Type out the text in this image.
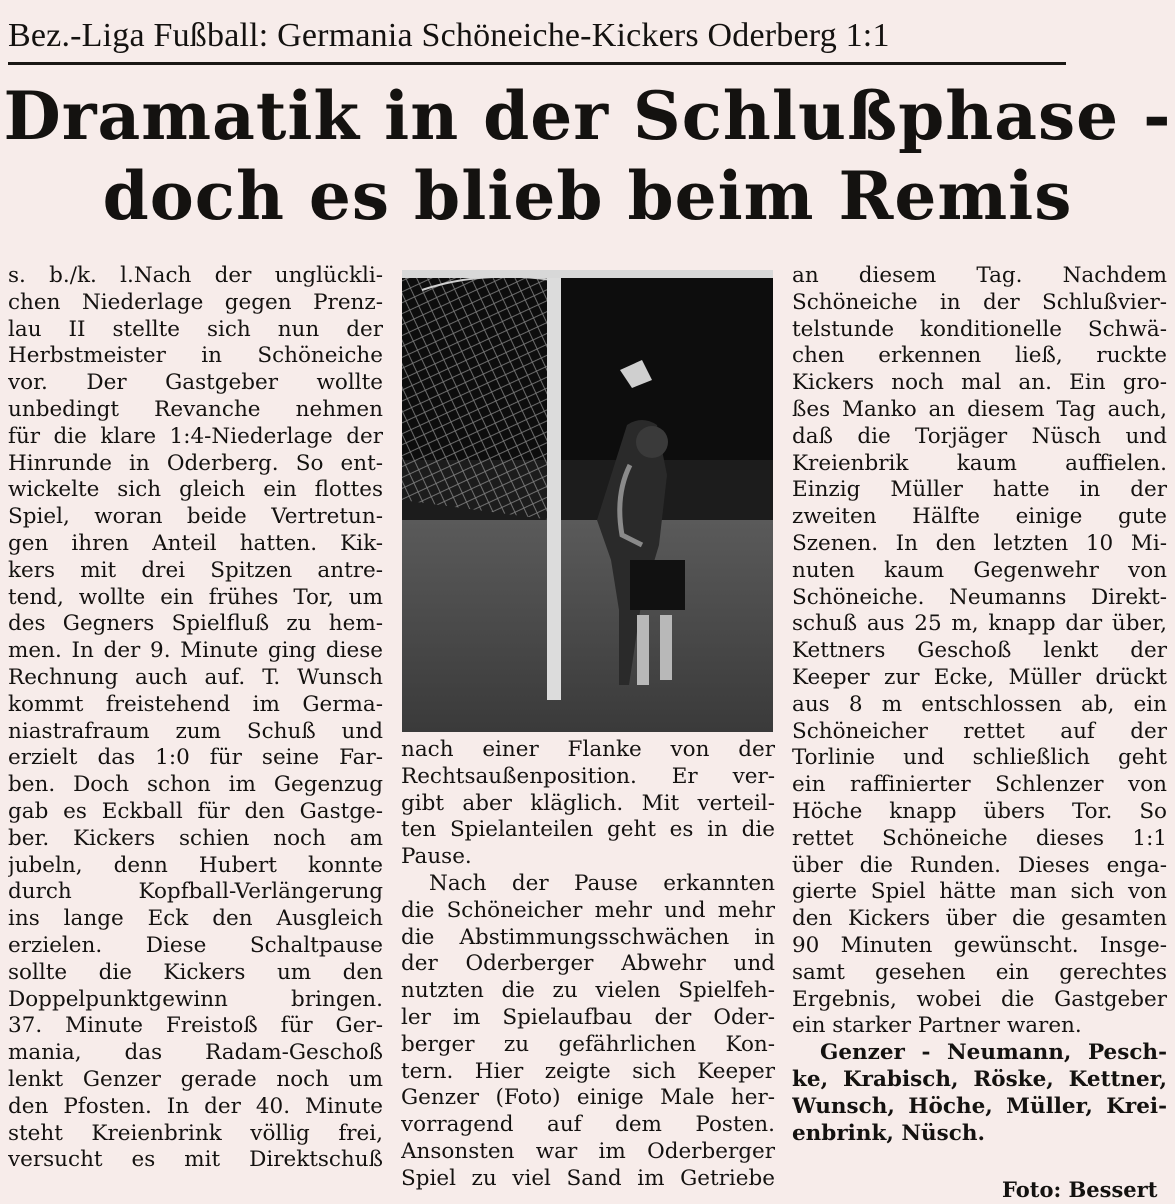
Bez.-Liga Fußball: Germania Schöneiche-Kickers Oderberg 1:1
Dramatik in der Schlußphase -
doch es blieb beim Remis
s. b./k. l.Nach der unglückli-
chen Niederlage gegen Prenz-
lau II stellte sich nun der
Herbstmeister in Schöneiche
vor. Der Gastgeber wollte
unbedingt Revanche nehmen
für die klare 1:4-Niederlage der
Hinrunde in Oderberg. So ent-
wickelte sich gleich ein flottes
Spiel, woran beide Vertretun-
gen ihren Anteil hatten. Kik-
kers mit drei Spitzen antre-
tend, wollte ein frühes Tor, um
des Gegners Spielfluß zu hem-
men. In der 9. Minute ging diese
Rechnung auch auf. T. Wunsch
kommt freistehend im Germa-
niastrafraum zum Schuß und
erzielt das 1:0 für seine Far-
ben. Doch schon im Gegenzug
gab es Eckball für den Gastge-
ber. Kickers schien noch am
jubeln, denn Hubert konnte
durch Kopfball-Verlängerung
ins lange Eck den Ausgleich
erzielen. Diese Schaltpause
sollte die Kickers um den
Doppelpunktgewinn bringen.
37. Minute Freistoß für Ger-
mania, das Radam-Geschoß
lenkt Genzer gerade noch um
den Pfosten. In der 40. Minute
steht Kreienbrink völlig frei,
versucht es mit Direktschuß
nach einer Flanke von der
Rechtsaußenposition. Er ver-
gibt aber kläglich. Mit verteil-
ten Spielanteilen geht es in die
Pause.
Nach der Pause erkannten
die Schöneicher mehr und mehr
die Abstimmungsschwächen in
der Oderberger Abwehr und
nutzten die zu vielen Spielfeh-
ler im Spielaufbau der Oder-
berger zu gefährlichen Kon-
tern. Hier zeigte sich Keeper
Genzer (Foto) einige Male her-
vorragend auf dem Posten.
Ansonsten war im Oderberger
Spiel zu viel Sand im Getriebe
an diesem Tag. Nachdem
Schöneiche in der Schlußvier-
telstunde konditionelle Schwä-
chen erkennen ließ, ruckte
Kickers noch mal an. Ein gro-
ßes Manko an diesem Tag auch,
daß die Torjäger Nüsch und
Kreienbrik kaum auffielen.
Einzig Müller hatte in der
zweiten Hälfte einige gute
Szenen. In den letzten 10 Mi-
nuten kaum Gegenwehr von
Schöneiche. Neumanns Direkt-
schuß aus 25 m, knapp dar über,
Kettners Geschoß lenkt der
Keeper zur Ecke, Müller drückt
aus 8 m entschlossen ab, ein
Schöneicher rettet auf der
Torlinie und schließlich geht
ein raffinierter Schlenzer von
Höche knapp übers Tor. So
rettet Schöneiche dieses 1:1
über die Runden. Dieses enga-
gierte Spiel hätte man sich von
den Kickers über die gesamten
90 Minuten gewünscht. Insge-
samt gesehen ein gerechtes
Ergebnis, wobei die Gastgeber
ein starker Partner waren.
Genzer - Neumann, Pesch-
ke, Krabisch, Röske, Kettner,
Wunsch, Höche, Müller, Krei-
enbrink, Nüsch.
Foto: Bessert
